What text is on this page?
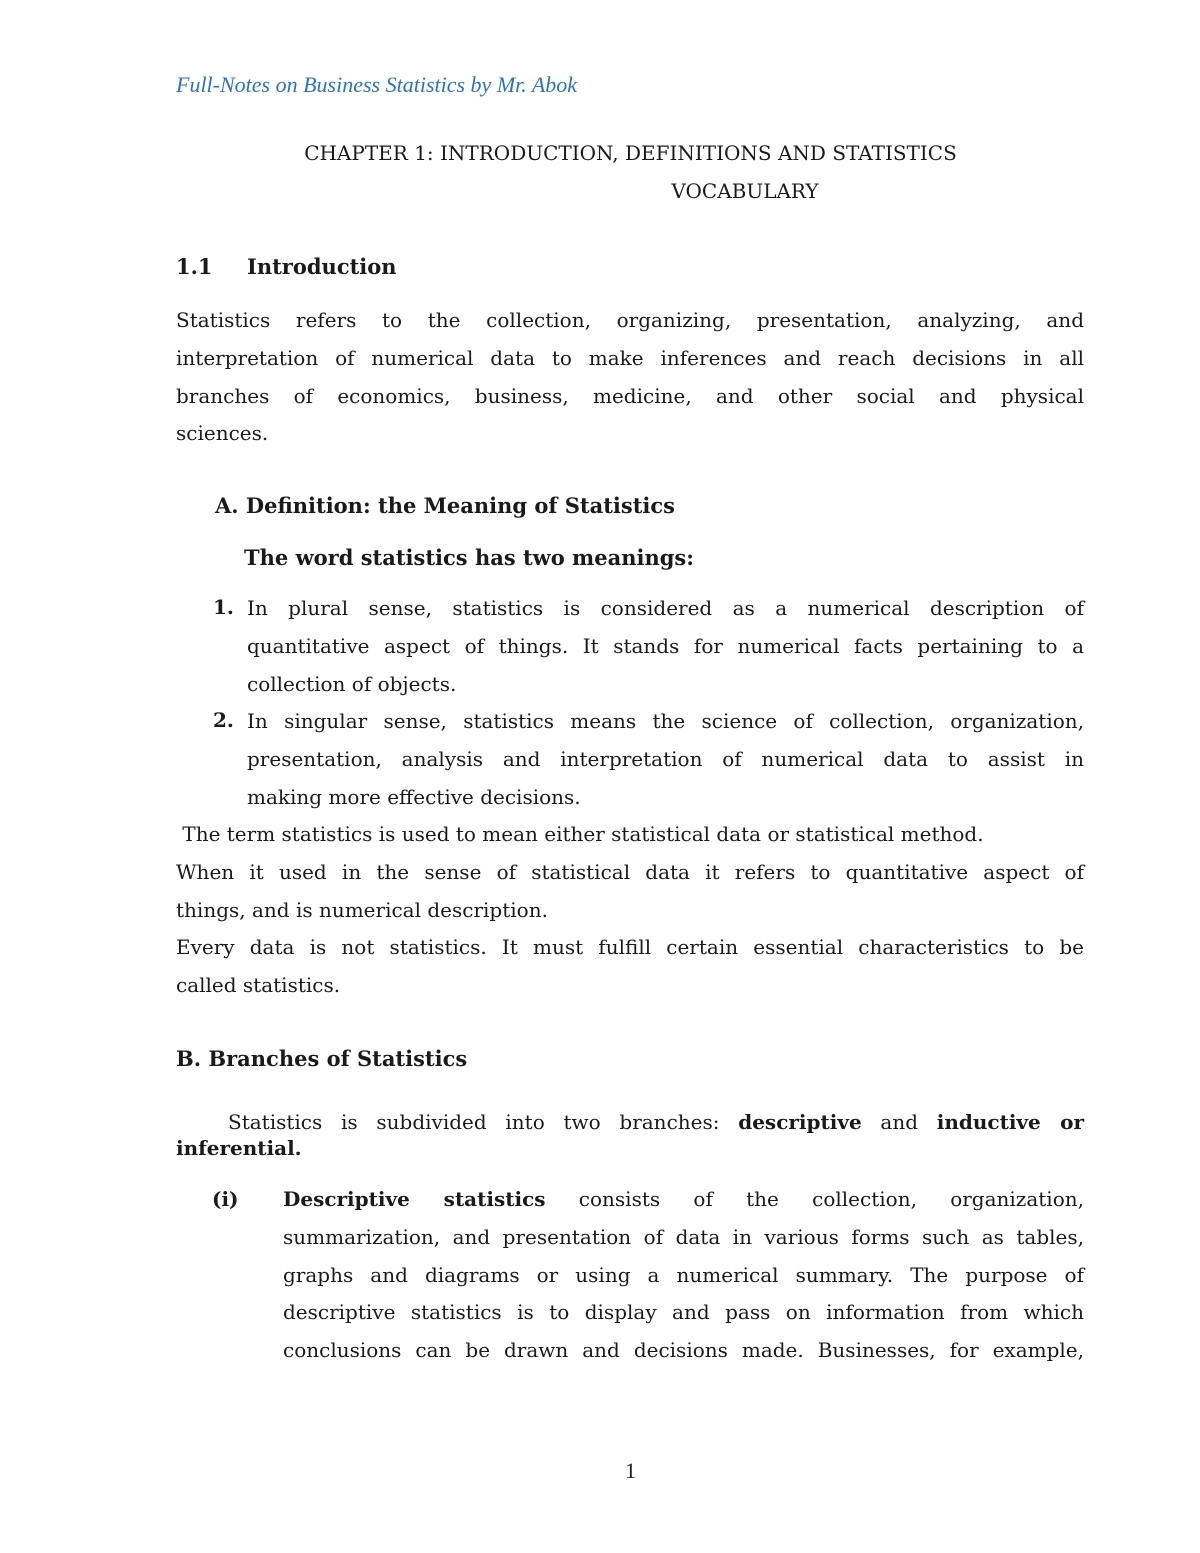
Full-Notes on Business Statistics by Mr. Abok
CHAPTER 1: INTRODUCTION, DEFINITIONS AND STATISTICS
VOCABULARY
1.1 Introduction
Statistics refers to the collection, organizing, presentation, analyzing, and
interpretation of numerical data to make inferences and reach decisions in all
branches of economics, business, medicine, and other social and physical
sciences.
A. Definition: the Meaning of Statistics
The word statistics has two meanings:
1. In plural sense, statistics is considered as a numerical description of
quantitative aspect of things. It stands for numerical facts pertaining to a
collection of objects.
2. In singular sense, statistics means the science of collection, organization,
presentation, analysis and interpretation of numerical data to assist in
making more effective decisions.
The term statistics is used to mean either statistical data or statistical method.
When it used in the sense of statistical data it refers to quantitative aspect of
things, and is numerical description.
Every data is not statistics. It must fulfill certain essential characteristics to be
called statistics.
B. Branches of Statistics
Statistics is subdivided into two branches: descriptive and inductive or
inferential.
(i) Descriptive statistics consists of the collection, organization,
summarization, and presentation of data in various forms such as tables,
graphs and diagrams or using a numerical summary. The purpose of
descriptive statistics is to display and pass on information from which
conclusions can be drawn and decisions made. Businesses, for example,
1
